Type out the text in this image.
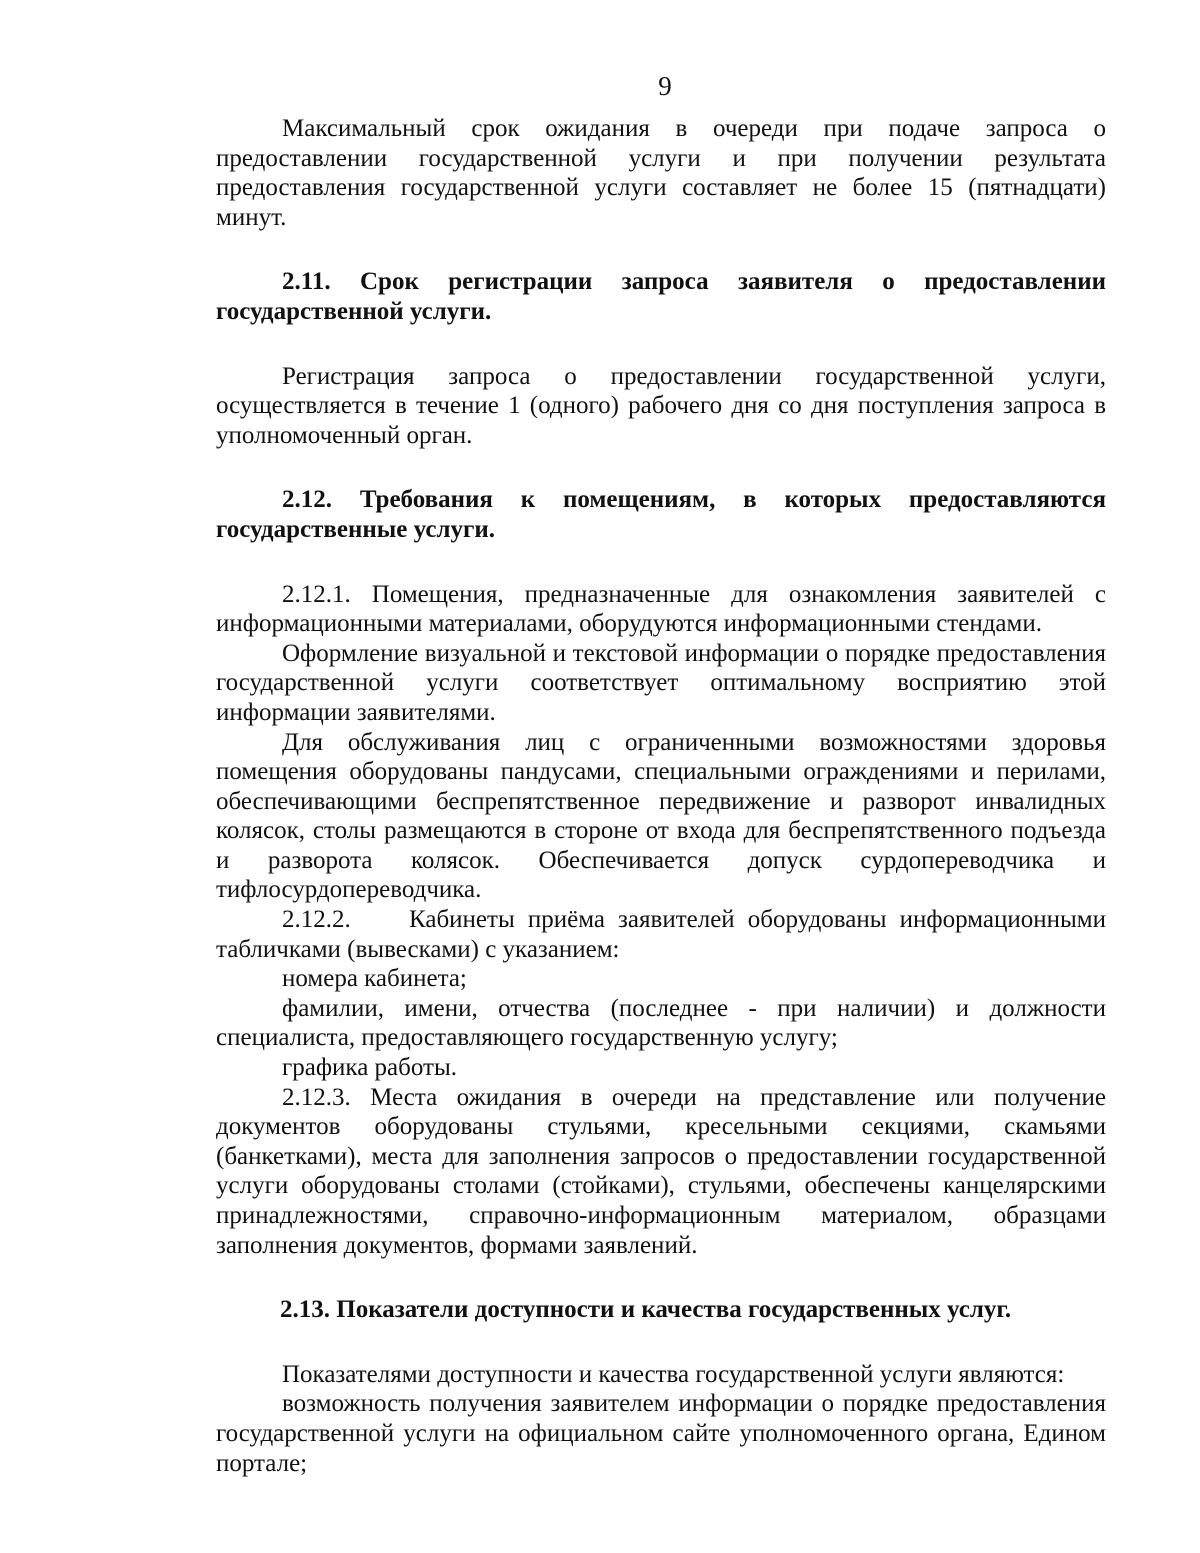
9

Максимальный срок ожидания в очереди при подаче запроса о предоставлении государственной услуги и при получении результата предоставления государственной услуги составляет не более 15 (пятнадцати) минут.

2.11. Срок регистрации запроса заявителя о предоставлении государственной услуги.

Регистрация запроса о предоставлении государственной услуги, осуществляется в течение 1 (одного) рабочего дня со дня поступления запроса в уполномоченный орган.

2.12. Требования к помещениям, в которых предоставляются государственные услуги.

2.12.1. Помещения, предназначенные для ознакомления заявителей с информационными материалами, оборудуются информационными стендами.

Оформление визуальной и текстовой информации о порядке предоставления государственной услуги соответствует оптимальному восприятию этой информации заявителями.

Для обслуживания лиц с ограниченными возможностями здоровья помещения оборудованы пандусами, специальными ограждениями и перилами, обеспечивающими беспрепятственное передвижение и разворот инвалидных колясок, столы размещаются в стороне от входа для беспрепятственного подъезда и разворота колясок. Обеспечивается допуск сурдопереводчика и тифлосурдопереводчика.

2.12.2. Кабинеты приёма заявителей оборудованы информационными табличками (вывесками) с указанием:

номера кабинета;

фамилии, имени, отчества (последнее - при наличии) и должности специалиста, предоставляющего государственную услугу;

графика работы.

2.12.3. Места ожидания в очереди на представление или получение документов оборудованы стульями, кресельными секциями, скамьями (банкетками), места для заполнения запросов о предоставлении государственной услуги оборудованы столами (стойками), стульями, обеспечены канцелярскими принадлежностями, справочно-информационным материалом, образцами заполнения документов, формами заявлений.

2.13. Показатели доступности и качества государственных услуг.

Показателями доступности и качества государственной услуги являются:

возможность получения заявителем информации о порядке предоставления государственной услуги на официальном сайте уполномоченного органа, Едином портале;
